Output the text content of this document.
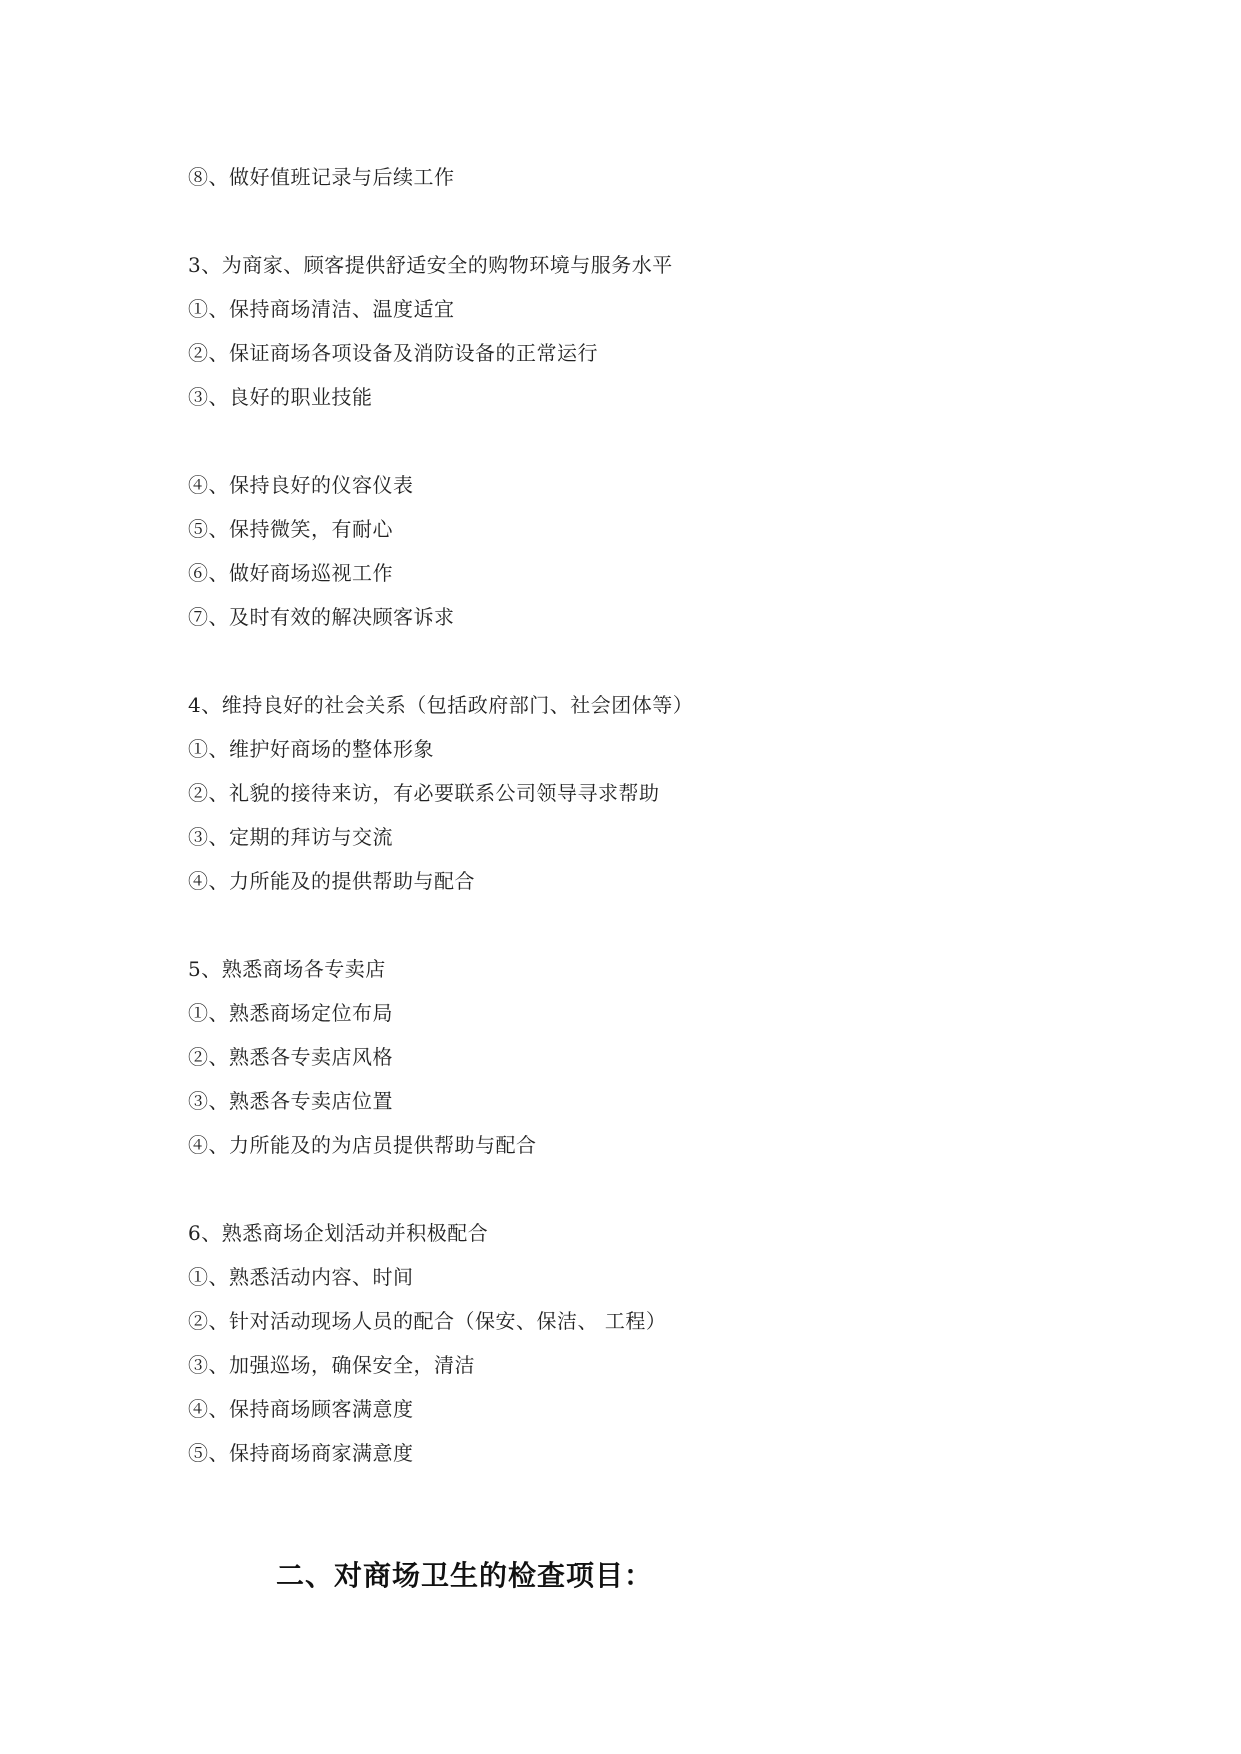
⑧、做好值班记录与后续工作
3、为商家、顾客提供舒适安全的购物环境与服务水平
①、保持商场清洁、温度适宜
②、保证商场各项设备及消防设备的正常运行
③、良好的职业技能
④、保持良好的仪容仪表
⑤、保持微笑，有耐心
⑥、做好商场巡视工作
⑦、及时有效的解决顾客诉求
4、维持良好的社会关系（包括政府部门、社会团体等）
①、维护好商场的整体形象
②、礼貌的接待来访，有必要联系公司领导寻求帮助
③、定期的拜访与交流
④、力所能及的提供帮助与配合
5、熟悉商场各专卖店
①、熟悉商场定位布局
②、熟悉各专卖店风格
③、熟悉各专卖店位置
④、力所能及的为店员提供帮助与配合
6、熟悉商场企划活动并积极配合
①、熟悉活动内容、时间
②、针对活动现场人员的配合（保安、保洁、 工程）
③、加强巡场，确保安全，清洁
④、保持商场顾客满意度
⑤、保持商场商家满意度
二、对商场卫生的检查项目：
